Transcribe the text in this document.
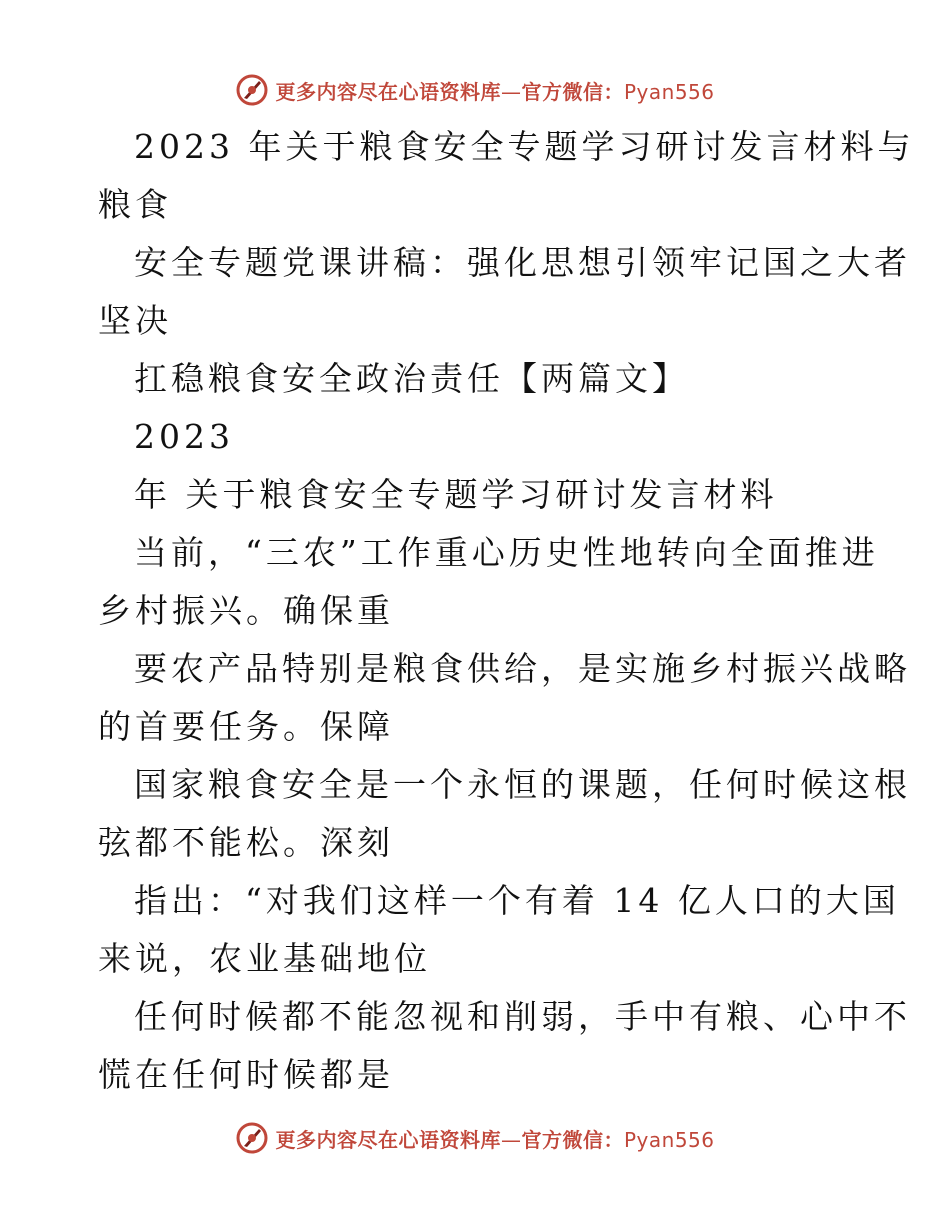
更多内容尽在心语资料库—官方微信：Pyan556
2023 年关于粮食安全专题学习研讨发言材料与
粮食
安全专题党课讲稿：强化思想引领牢记国之大者
坚决
扛稳粮食安全政治责任【两篇文】
2023
年 关于粮食安全专题学习研讨发言材料
当前，“三农”工作重心历史性地转向全面推进
乡村振兴。确保重
要农产品特别是粮食供给，是实施乡村振兴战略
的首要任务。保障
国家粮食安全是一个永恒的课题，任何时候这根
弦都不能松。深刻
指出：“对我们这样一个有着 14 亿人口的大国
来说，农业基础地位
任何时候都不能忽视和削弱，手中有粮、心中不
慌在任何时候都是
更多内容尽在心语资料库—官方微信：Pyan556
